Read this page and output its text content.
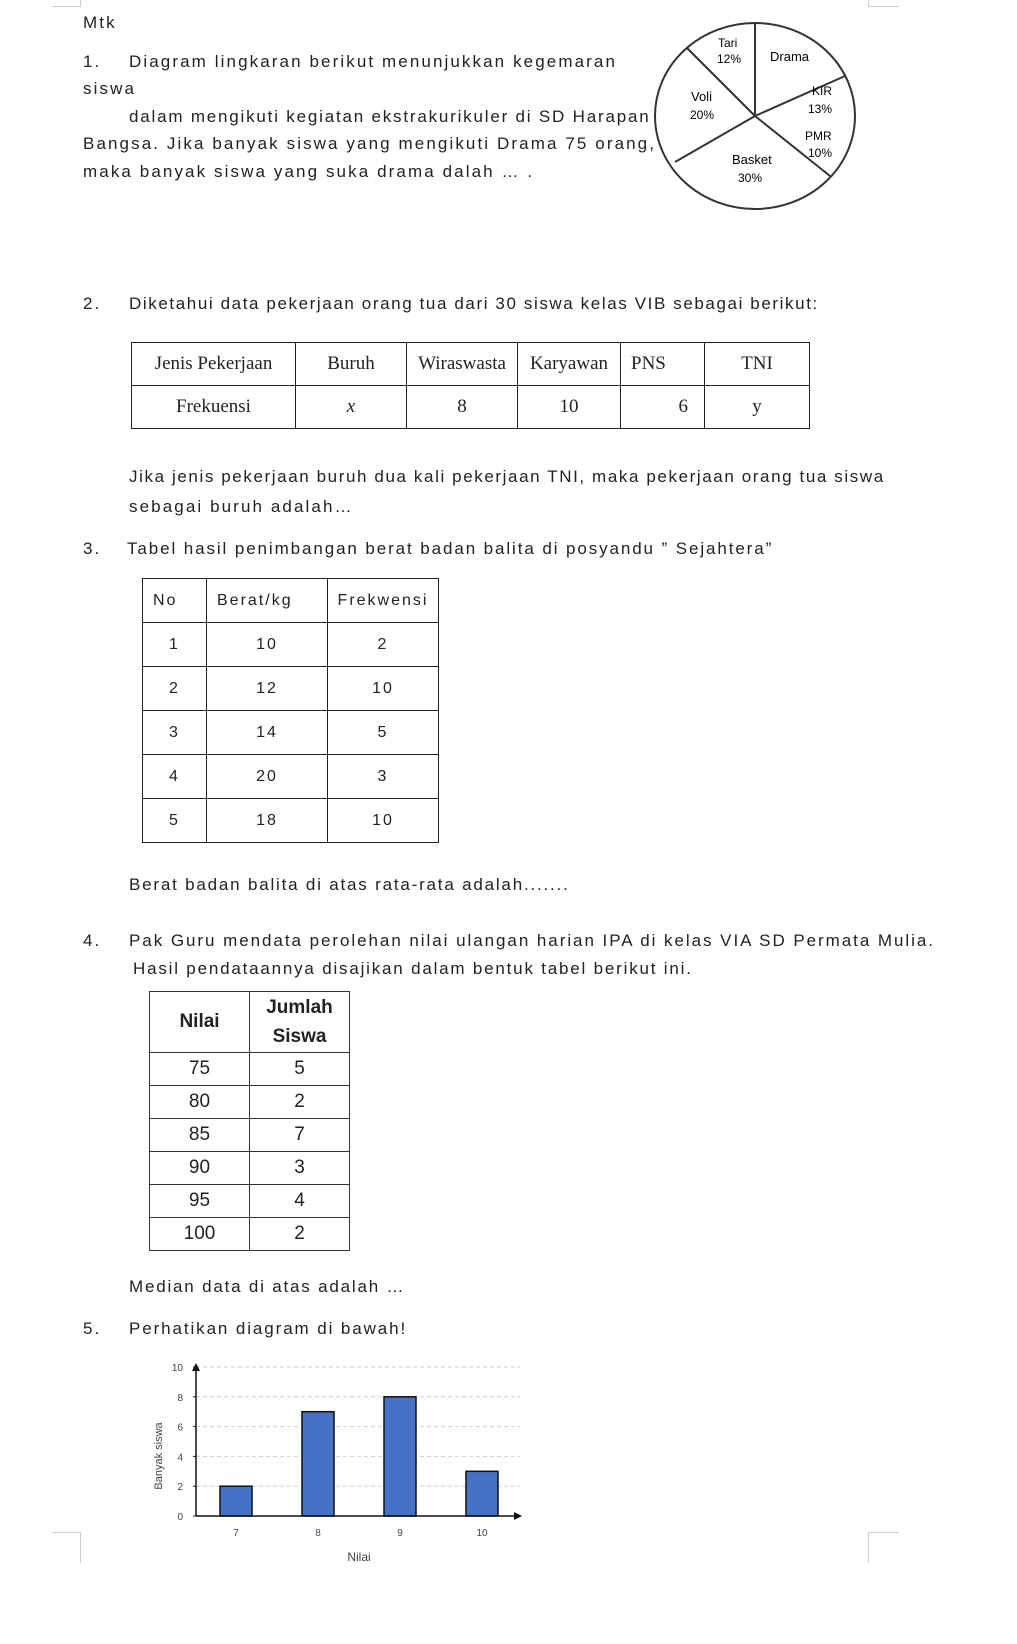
Mtk
1. Diagram lingkaran berikut menunjukkan kegemaran
siswa
dalam mengikuti kegiatan ekstrakurikuler di SD Harapan
Bangsa. Jika banyak siswa yang mengikuti Drama 75 orang,
maka banyak siswa yang suka drama dalah … .
Tari
12% Drama
KIR
13%
PMR
10%
Basket
30%
Voli
20%
2. Diketahui data pekerjaan orang tua dari 30 siswa kelas VIB sebagai berikut:
Jenis Pekerjaan	Buruh	Wiraswasta	Karyawan	PNS	TNI
Frekuensi	x	8	10	6	y
Jika jenis pekerjaan buruh dua kali pekerjaan TNI, maka pekerjaan orang tua siswa
sebagai buruh adalah…
3. Tabel hasil penimbangan berat badan balita di posyandu ” Sejahtera”
No	Berat/kg	Frekwensi
1	10	2
2	12	10
3	14	5
4	20	3
5	18	10
Berat badan balita di atas rata-rata adalah.......
4. Pak Guru mendata perolehan nilai ulangan harian IPA di kelas VIA SD Permata Mulia.
Hasil pendataannya disajikan dalam bentuk tabel berikut ini.
Nilai	Jumlah
Siswa
75	5
80	2
85	7
90	3
95	4
100	2
Median data di atas adalah …
5. Perhatikan diagram di bawah!
Banyak siswa
Nilai
0
2
4
6
8
10
7	8	9	10
